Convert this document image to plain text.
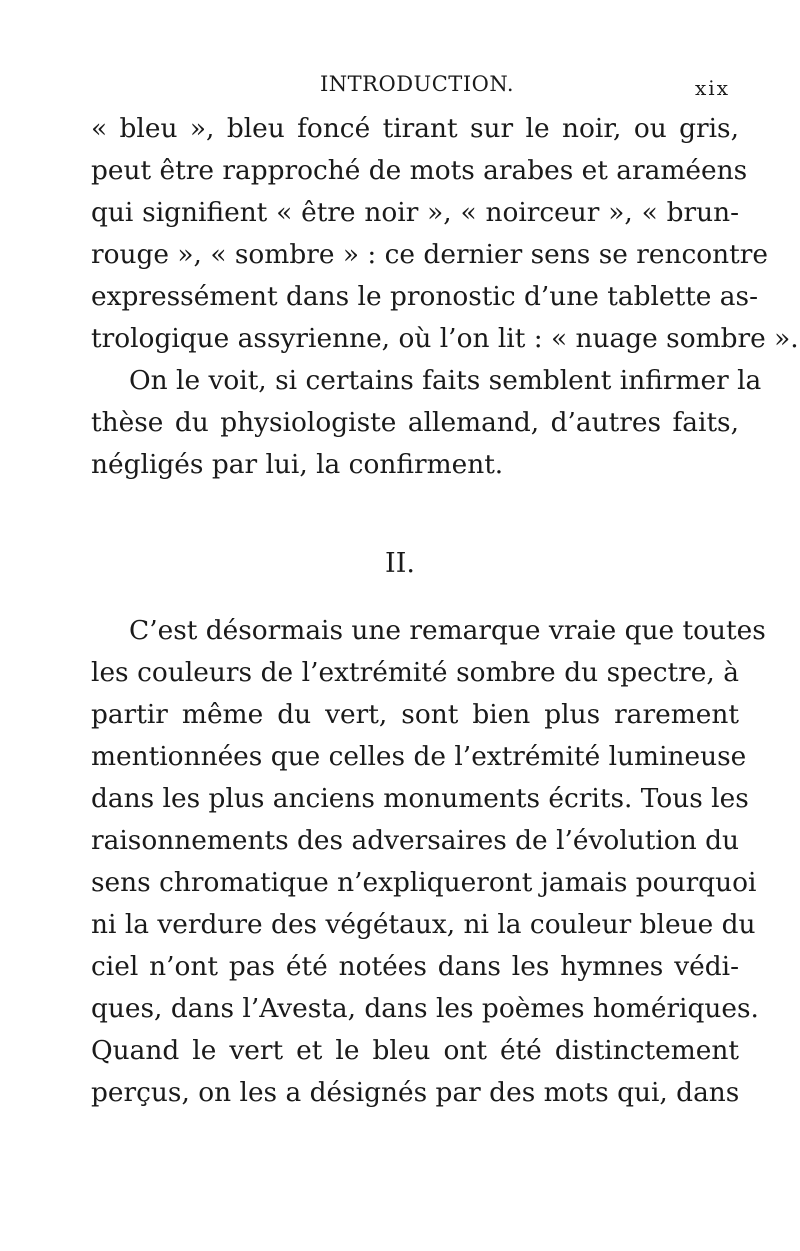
INTRODUCTION.	xix
« bleu », bleu foncé tirant sur le noir, ou gris,
peut être rapproché de mots arabes et araméens
qui signifient « être noir », « noirceur », « brun-
rouge », « sombre » : ce dernier sens se rencontre
expressément dans le pronostic d’une tablette as-
trologique assyrienne, où l’on lit : « nuage sombre ».
On le voit, si certains faits semblent infirmer la
thèse du physiologiste allemand, d’autres faits,
négligés par lui, la confirment.
II.
C’est désormais une remarque vraie que toutes
les couleurs de l’extrémité sombre du spectre, à
partir même du vert, sont bien plus rarement
mentionnées que celles de l’extrémité lumineuse
dans les plus anciens monuments écrits. Tous les
raisonnements des adversaires de l’évolution du
sens chromatique n’expliqueront jamais pourquoi
ni la verdure des végétaux, ni la couleur bleue du
ciel n’ont pas été notées dans les hymnes védi-
ques, dans l’Avesta, dans les poèmes homériques.
Quand le vert et le bleu ont été distinctement
perçus, on les a désignés par des mots qui, dans
